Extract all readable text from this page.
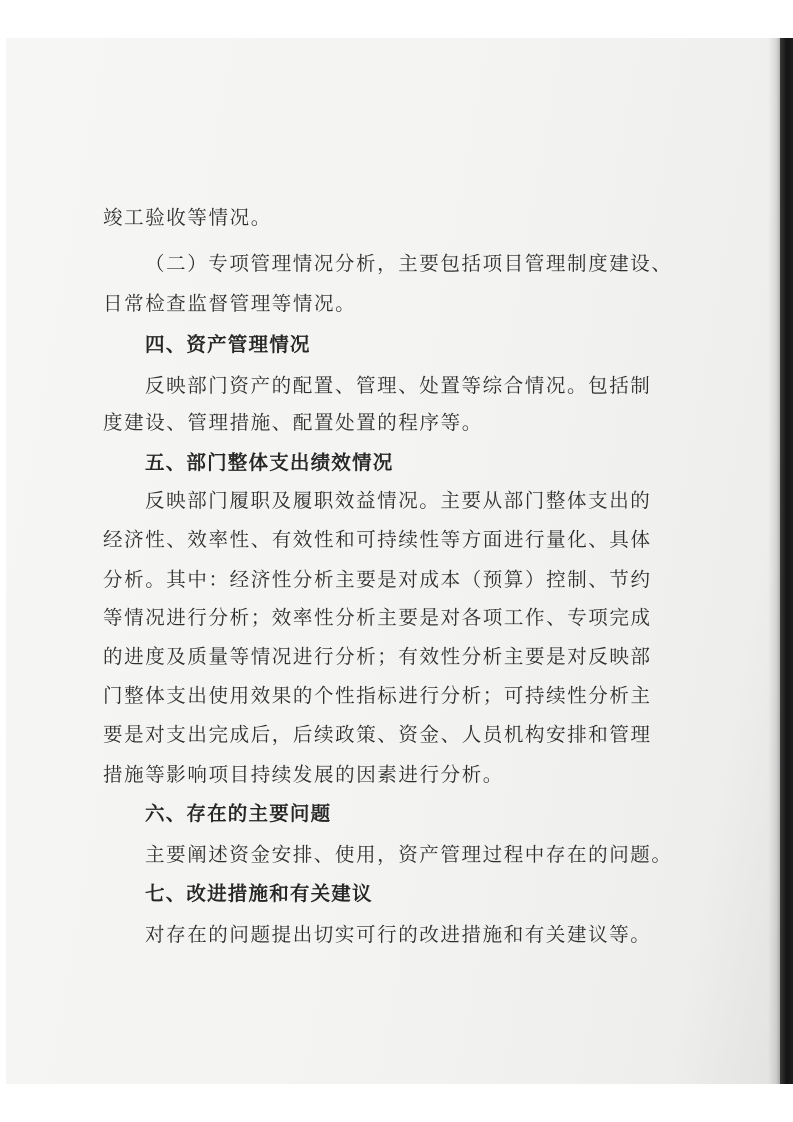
竣工验收等情况。
（二）专项管理情况分析，主要包括项目管理制度建设、
日常检查监督管理等情况。
四、资产管理情况
反映部门资产的配置、管理、处置等综合情况。包括制
度建设、管理措施、配置处置的程序等。
五、部门整体支出绩效情况
反映部门履职及履职效益情况。主要从部门整体支出的
经济性、效率性、有效性和可持续性等方面进行量化、具体
分析。其中：经济性分析主要是对成本（预算）控制、节约
等情况进行分析；效率性分析主要是对各项工作、专项完成
的进度及质量等情况进行分析；有效性分析主要是对反映部
门整体支出使用效果的个性指标进行分析；可持续性分析主
要是对支出完成后，后续政策、资金、人员机构安排和管理
措施等影响项目持续发展的因素进行分析。
六、存在的主要问题
主要阐述资金安排、使用，资产管理过程中存在的问题。
七、改进措施和有关建议
对存在的问题提出切实可行的改进措施和有关建议等。
